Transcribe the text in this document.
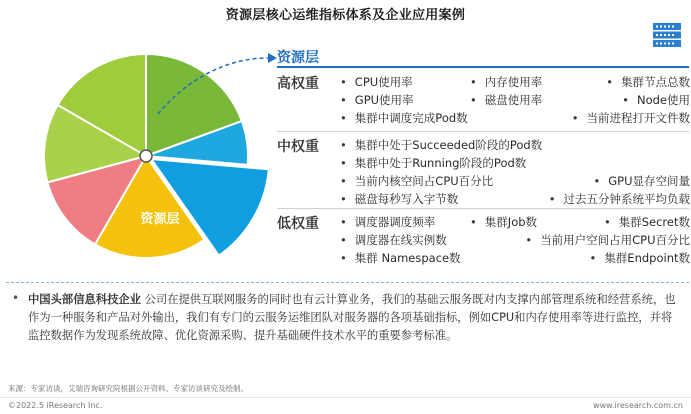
资源层核心运维指标体系及企业应用案例
资源层
资源层
高权重	• CPU使用率	• 内存使用率	• 集群节点总数
• GPU使用率	• 磁盘使用率	• Node使用
• 集群中调度完成Pod数	• 当前进程打开文件数
中权重	• 集群中处于Succeeded阶段的Pod数
• 集群中处于Running阶段的Pod数
• 当前内核空间占CPU百分比	• GPU显存空间量
• 磁盘每秒写入字节数	• 过去五分钟系统平均负载
低权重	• 调度器调度频率	• 集群Job数	• 集群Secret数
• 调度器在线实例数	• 当前用户空间占用CPU百分比
• 集群 Namespace数	• 集群Endpoint数
• 中国头部信息科技企业 公司在提供互联网服务的同时也有云计算业务，我们的基础云服务既对内支撑内部管理系统和经营系统，也作为一种服务和产品对外输出，我们有专门的云服务运维团队对服务器的各项基础指标，例如CPU和内存使用率等进行监控，并将监控数据作为发现系统故障、优化资源采购、提升基础硬件技术水平的重要参考标准。
来源：专家访谈，艾瑞咨询研究院根据公开资料、专家访谈研究及绘制。
©2022.5 iResearch Inc.	www.iresearch.com.cn
